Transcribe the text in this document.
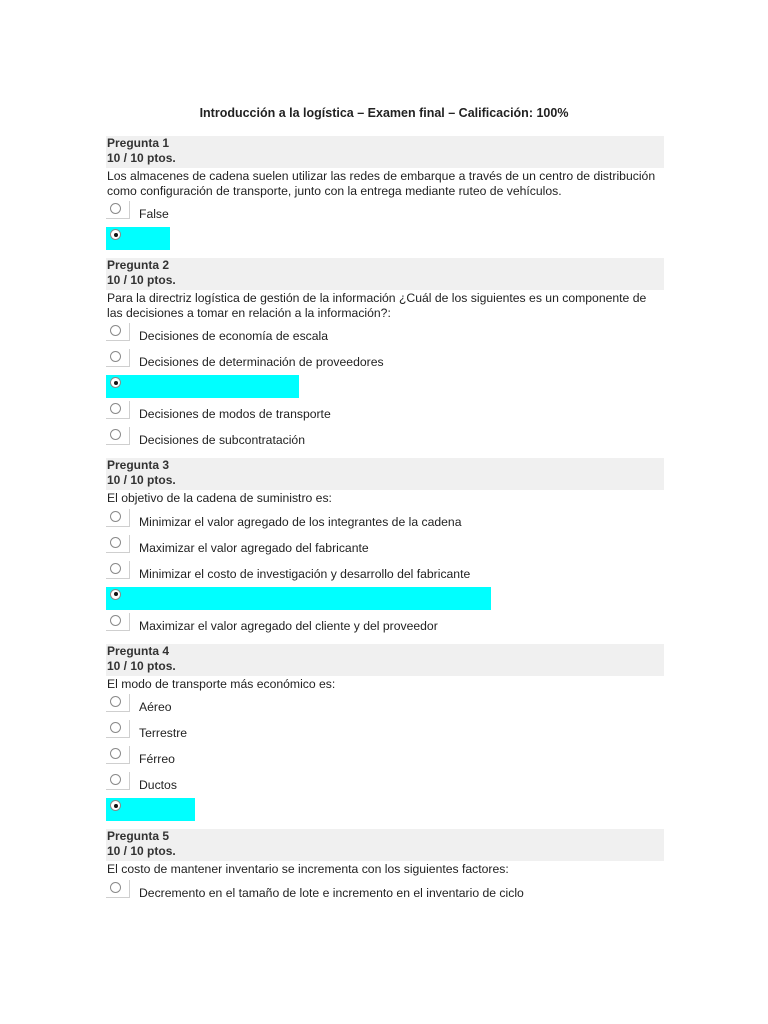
Introducción a la logística – Examen final – Calificación: 100%
Pregunta 1
10 / 10 ptos.

Los almacenes de cadena suelen utilizar las redes de embarque a través de un centro de distribución como configuración de transporte, junto con la entrega mediante ruteo de vehículos.

False
Pregunta 2
10 / 10 ptos.

Para la directriz logística de gestión de la información ¿Cuál de los siguientes es un componente de las decisiones a tomar en relación a la información?:

Decisiones de economía de escala
Decisiones de determinación de proveedores
Decisiones de modos de transporte
Decisiones de subcontratación
Pregunta 3
10 / 10 ptos.

El objetivo de la cadena de suministro es:

Minimizar el valor agregado de los integrantes de la cadena
Maximizar el valor agregado del fabricante
Minimizar el costo de investigación y desarrollo del fabricante
Maximizar el valor agregado del cliente y del proveedor
Pregunta 4
10 / 10 ptos.

El modo de transporte más económico es:

Aéreo
Terrestre
Férreo
Ductos
Pregunta 5
10 / 10 ptos.

El costo de mantener inventario se incrementa con los siguientes factores:

Decremento en el tamaño de lote e incremento en el inventario de ciclo
